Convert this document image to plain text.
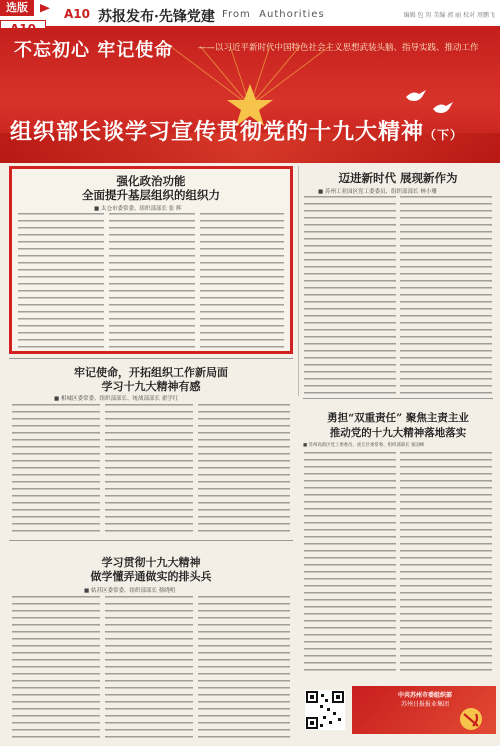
选版	A10 苏报发布·先锋党建 From Authorities	编辑 包 玥 美编 郭 丽 校对 周鹏飞
不忘初心 牢记使命	——以习近平新时代中国特色社会主义思想武装头脑、指导实践、推动工作
组织部长谈学习宣传贯彻党的十九大精神（下）
强化政治功能
全面提升基层组织的组织力
■ 太仓市委常委、组织部部长 张 辉
迈进新时代 展现新作为
■ 苏州工业园区党工委委员、组织部部长 林小珊
牢记使命，开拓组织工作新局面
学习十九大精神有感
■ 相城区委常委、组织部部长、统战部部长 翟学红
勇担“双重责任” 聚焦主责主业
推动党的十九大精神落地落实
■ 苏州高新区党工委委员、虎丘区委常委、组织部部长 张国峰
学习贯彻十九大精神
做学懂弄通做实的排头兵
■ 姑苏区委常委、组织部部长 蔡晓明
中共苏州市委组织部
苏州日报报业集团
